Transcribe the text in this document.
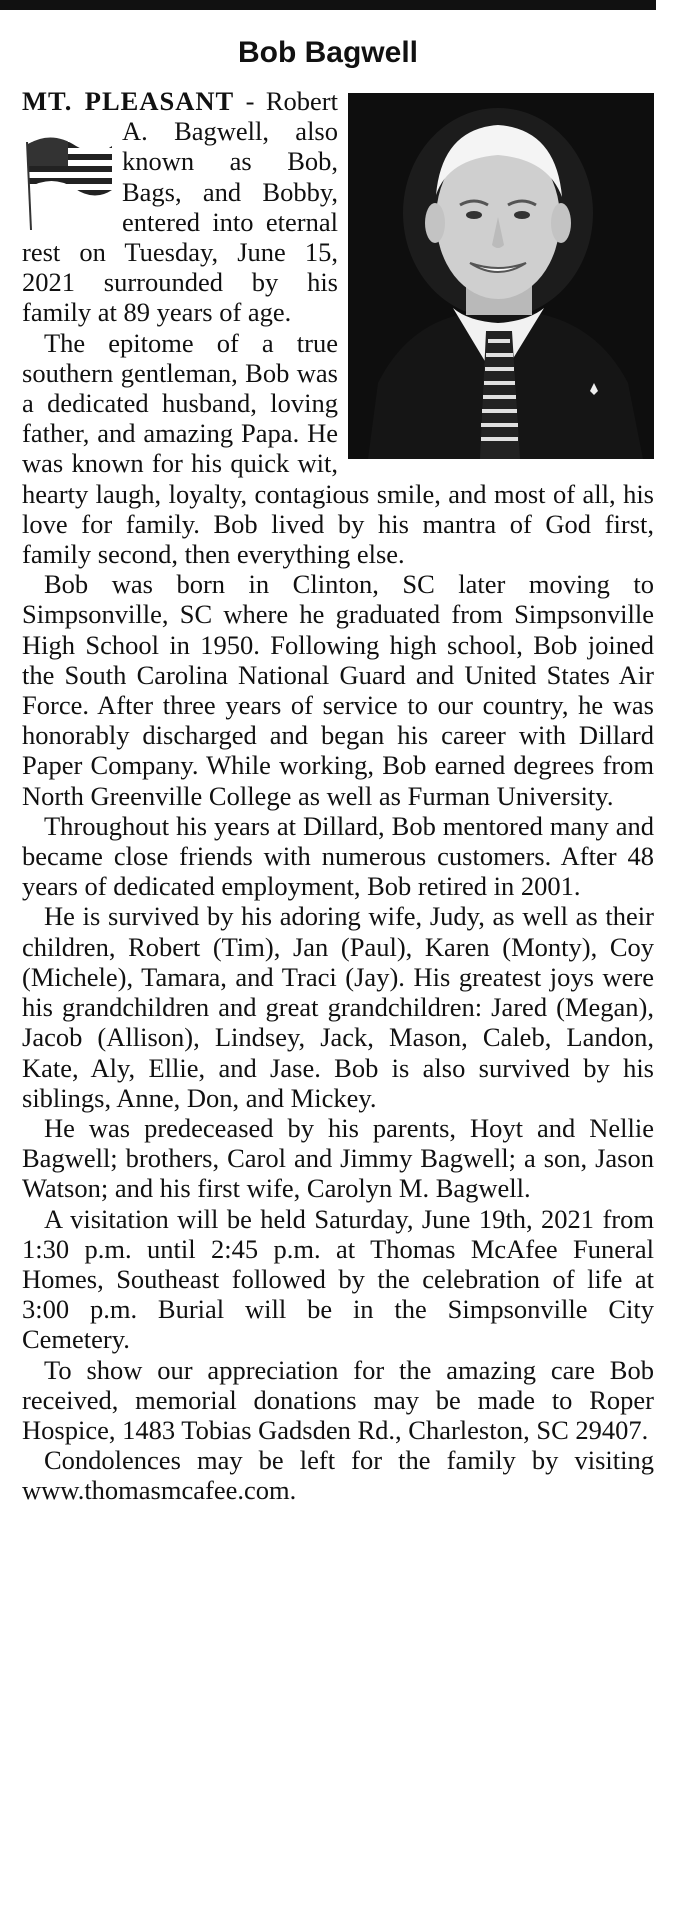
Bob Bagwell

MT. PLEASANT -
Robert A. Bagwell, also known as Bob, Bags, and Bobby, entered into eternal rest on Tuesday, June 15, 2021 surrounded by his family at 89 years of age.

The epitome of a true southern gentleman, Bob was a dedicated husband, loving father, and amazing Papa. He was known for his quick wit, hearty laugh, loyalty, contagious smile, and most of all, his love for family. Bob lived by his mantra of God first, family second, then everything else.

Bob was born in Clinton, SC later moving to Simpsonville, SC where he graduated from Simpsonville High School in 1950. Following high school, Bob joined the South Carolina National Guard and United States Air Force. After three years of service to our country, he was honorably discharged and began his career with Dillard Paper Company. While working, Bob earned degrees from North Greenville College as well as Furman University.

Throughout his years at Dillard, Bob mentored many and became close friends with numerous customers. After 48 years of dedicated employment, Bob retired in 2001.

He is survived by his adoring wife, Judy, as well as their children, Robert (Tim), Jan (Paul), Karen (Monty), Coy (Michele), Tamara, and Traci (Jay). His greatest joys were his grandchildren and great grandchildren: Jared (Megan), Jacob (Allison), Lindsey, Jack, Mason, Caleb, Landon, Kate, Aly, Ellie, and Jase. Bob is also survived by his siblings, Anne, Don, and Mickey.

He was predeceased by his parents, Hoyt and Nellie Bagwell; brothers, Carol and Jimmy Bagwell; a son, Jason Watson; and his first wife, Carolyn M. Bagwell.

A visitation will be held Saturday, June 19th, 2021 from 1:30 p.m. until 2:45 p.m. at Thomas McAfee Funeral Homes, Southeast followed by the celebration of life at 3:00 p.m. Burial will be in the Simpsonville City Cemetery.

To show our appreciation for the amazing care Bob received, memorial donations may be made to Roper Hospice, 1483 Tobias Gadsden Rd., Charleston, SC 29407.

Condolences may be left for the family by visiting www.thomasmcafee.com.
